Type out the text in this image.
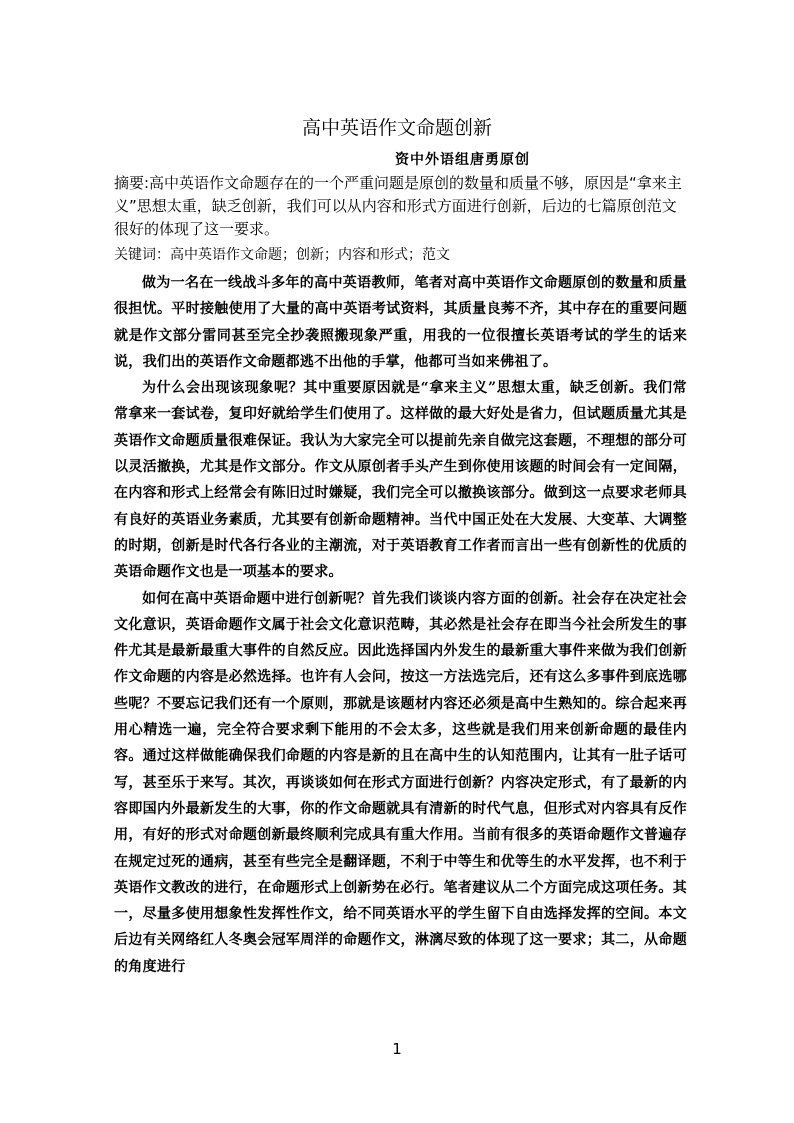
高中英语作文命题创新
资中外语组唐勇原创

摘要:高中英语作文命题存在的一个严重问题是原创的数量和质量不够，原因是“拿来主义”思想太重，缺乏创新，我们可以从内容和形式方面进行创新，后边的七篇原创范文很好的体现了这一要求。

关键词：高中英语作文命题；创新；内容和形式；范文

做为一名在一线战斗多年的高中英语教师，笔者对高中英语作文命题原创的数量和质量很担忧。平时接触使用了大量的高中英语考试资料，其质量良莠不齐，其中存在的重要问题就是作文部分雷同甚至完全抄袭照搬现象严重，用我的一位很擅长英语考试的学生的话来说，我们出的英语作文命题都逃不出他的手掌，他都可当如来佛祖了。

为什么会出现该现象呢？其中重要原因就是“拿来主义”思想太重，缺乏创新。我们常常拿来一套试卷，复印好就给学生们使用了。这样做的最大好处是省力，但试题质量尤其是英语作文命题质量很难保证。我认为大家完全可以提前先亲自做完这套题，不理想的部分可以灵活撤换，尤其是作文部分。作文从原创者手头产生到你使用该题的时间会有一定间隔，在内容和形式上经常会有陈旧过时嫌疑，我们完全可以撤换该部分。做到这一点要求老师具有良好的英语业务素质，尤其要有创新命题精神。当代中国正处在大发展、大变革、大调整的时期，创新是时代各行各业的主潮流，对于英语教育工作者而言出一些有创新性的优质的英语命题作文也是一项基本的要求。

如何在高中英语命题中进行创新呢？首先我们谈谈内容方面的创新。社会存在决定社会文化意识，英语命题作文属于社会文化意识范畴，其必然是社会存在即当今社会所发生的事件尤其是最新最重大事件的自然反应。因此选择国内外发生的最新重大事件来做为我们创新作文命题的内容是必然选择。也许有人会问，按这一方法选完后，还有这么多事件到底选哪些呢？不要忘记我们还有一个原则，那就是该题材内容还必须是高中生熟知的。综合起来再用心精选一遍，完全符合要求剩下能用的不会太多，这些就是我们用来创新命题的最佳内容。通过这样做能确保我们命题的内容是新的且在高中生的认知范围内，让其有一肚子话可写，甚至乐于来写。其次，再谈谈如何在形式方面进行创新？内容决定形式，有了最新的内容即国内外最新发生的大事，你的作文命题就具有清新的时代气息，但形式对内容具有反作用，有好的形式对命题创新最终顺利完成具有重大作用。当前有很多的英语命题作文普遍存在规定过死的通病，甚至有些完全是翻译题，不利于中等生和优等生的水平发挥，也不利于英语作文教改的进行，在命题形式上创新势在必行。笔者建议从二个方面完成这项任务。其一，尽量多使用想象性发挥性作文，给不同英语水平的学生留下自由选择发挥的空间。本文后边有关网络红人冬奥会冠军周洋的命题作文，淋漓尽致的体现了这一要求；其二，从命题的角度进行

1
